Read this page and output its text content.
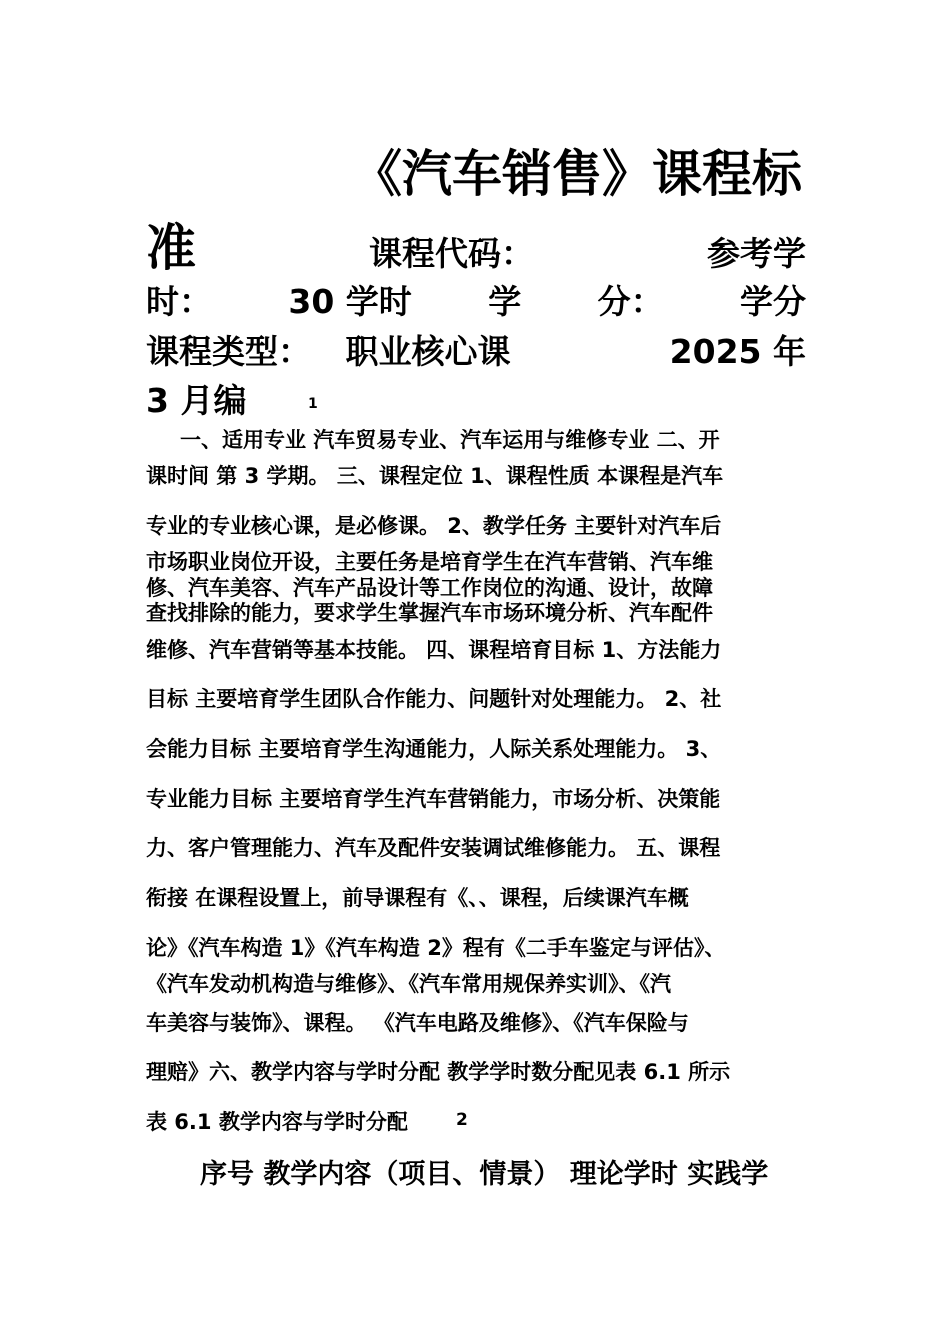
《汽车销售》课程标
准	课程代码：	参考学
时： 30 学时 学 分： 学分
课程类型： 职业核心课	2025 年
3 月编	1
一、适用专业 汽车贸易专业、汽车运用与维修专业 二、开
课时间 第 3 学期。 三、课程定位 1、课程性质 本课程是汽车
专业的专业核心课，是必修课。 2、教学任务 主要针对汽车后
市场职业岗位开设，主要任务是培育学生在汽车营销、汽车维
修、汽车美容、汽车产品设计等工作岗位的沟通、设计，故障
查找排除的能力，要求学生掌握汽车市场环境分析、汽车配件
维修、汽车营销等基本技能。 四、课程培育目标 1、方法能力
目标 主要培育学生团队合作能力、问题针对处理能力。 2、社
会能力目标 主要培育学生沟通能力，人际关系处理能力。 3、
专业能力目标 主要培育学生汽车营销能力，市场分析、决策能
力、客户管理能力、汽车及配件安装调试维修能力。 五、课程
衔接 在课程设置上，前导课程有《、、课程，后续课汽车概
论》《汽车构造 1》《汽车构造 2》程有《二手车鉴定与评估》、
《汽车发动机构造与维修》、《汽车常用规保养实训》、《汽
车美容与装饰》、课程。 《汽车电路及维修》、《汽车保险与
理赔》六、教学内容与学时分配 教学学时数分配见表 6.1 所示
表 6.1 教学内容与学时分配	2
序号 教学内容（项目、情景） 理论学时 实践学
